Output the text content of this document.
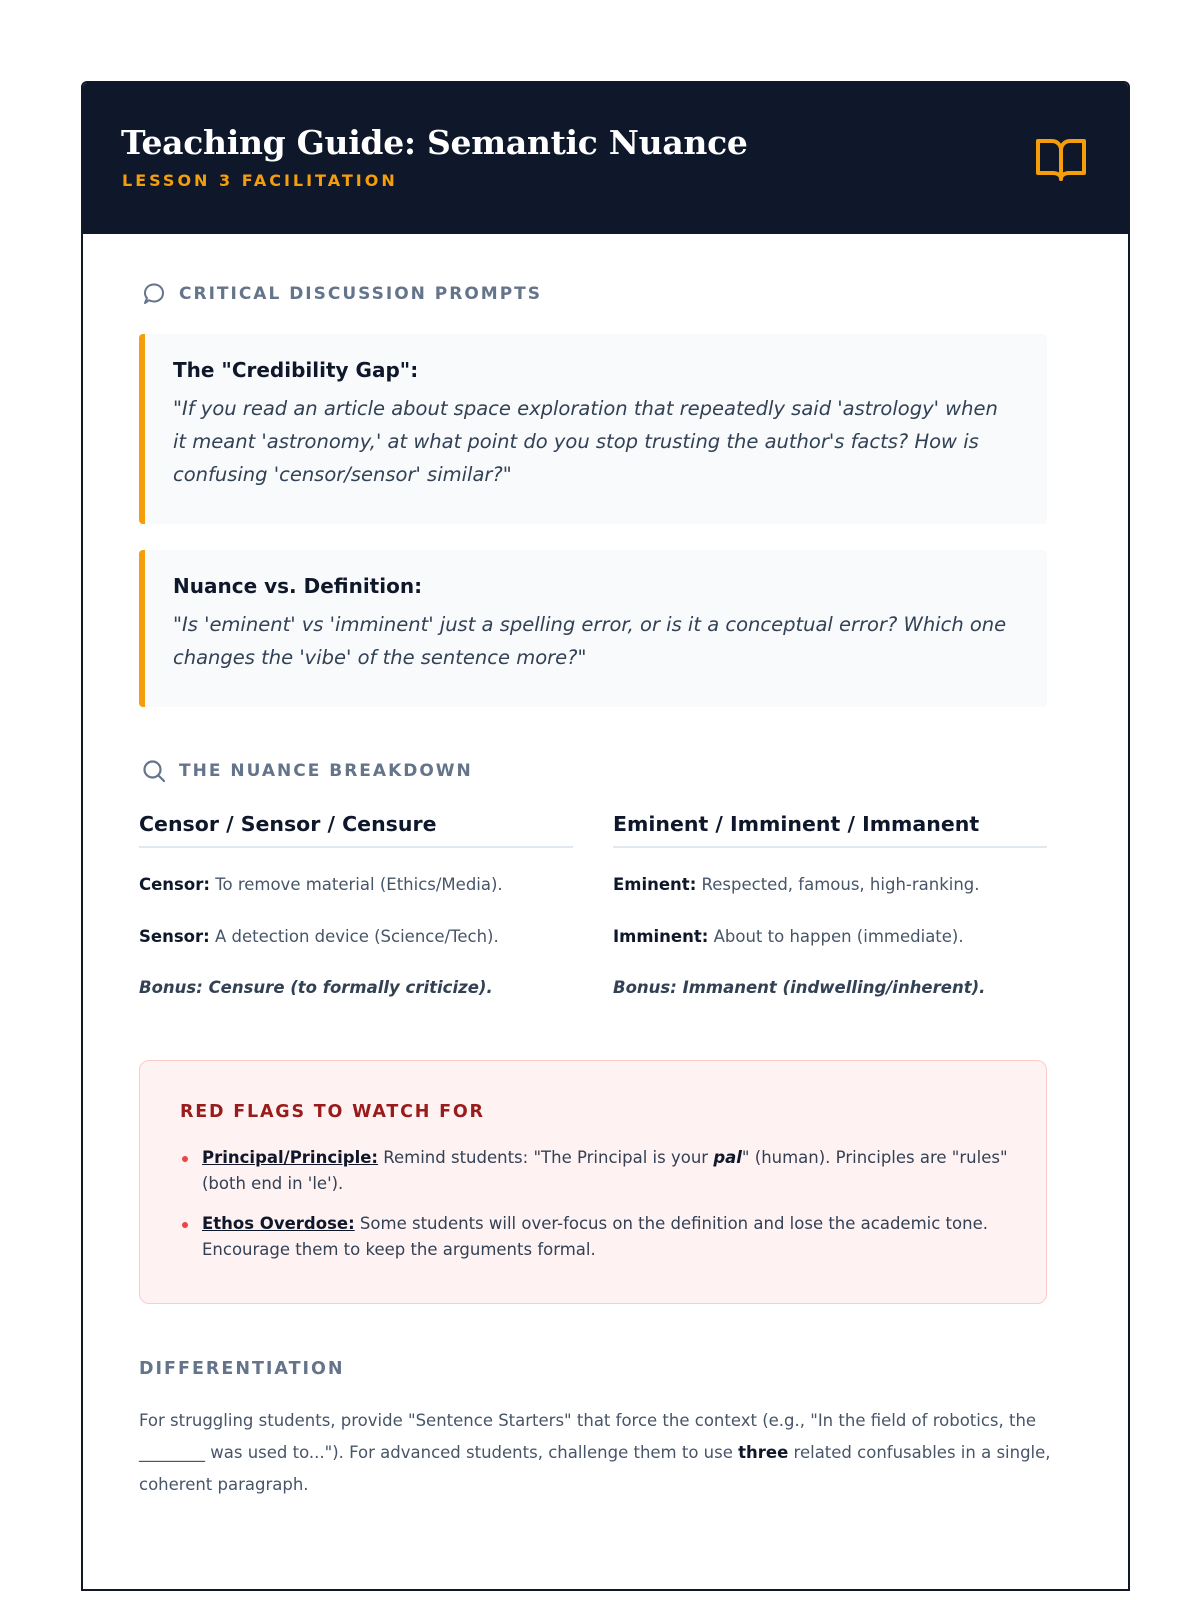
Teaching Guide: Semantic Nuance
LESSON 3 FACILITATION
CRITICAL DISCUSSION PROMPTS
The "Credibility Gap":
"If you read an article about space exploration that repeatedly said 'astrology' when it meant 'astronomy,' at what point do you stop trusting the author's facts? How is confusing 'censor/sensor' similar?"
Nuance vs. Definition:
"Is 'eminent' vs 'imminent' just a spelling error, or is it a conceptual error? Which one changes the 'vibe' of the sentence more?"
THE NUANCE BREAKDOWN
Censor / Sensor / Censure
Censor: To remove material (Ethics/Media).
Sensor: A detection device (Science/Tech).
Bonus: Censure (to formally criticize).
Eminent / Imminent / Immanent
Eminent: Respected, famous, high-ranking.
Imminent: About to happen (immediate).
Bonus: Immanent (indwelling/inherent).
RED FLAGS TO WATCH FOR
Principal/Principle: Remind students: "The Principal is your pal" (human). Principles are "rules" (both end in 'le').
Ethos Overdose: Some students will over-focus on the definition and lose the academic tone. Encourage them to keep the arguments formal.
DIFFERENTIATION
For struggling students, provide "Sentence Starters" that force the context (e.g., "In the field of robotics, the ________ was used to..."). For advanced students, challenge them to use three related confusables in a single, coherent paragraph.
